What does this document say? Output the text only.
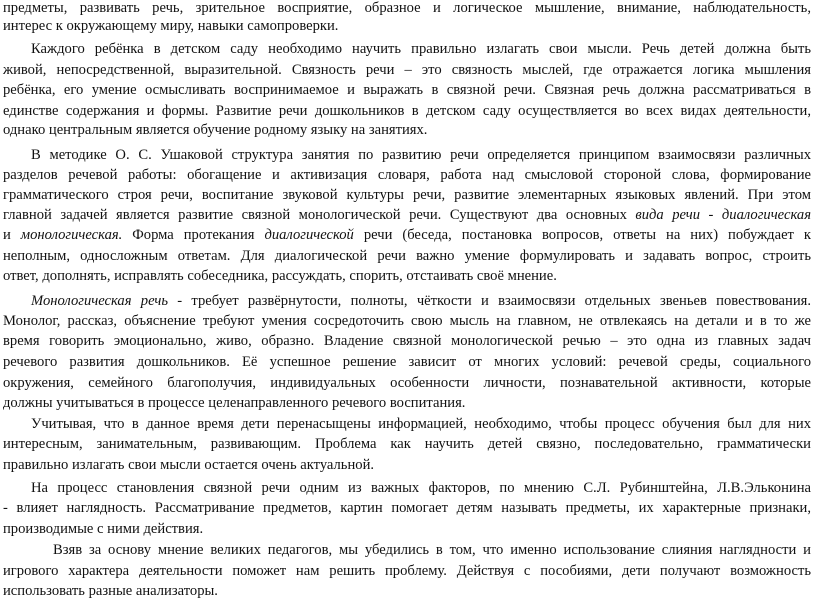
предметы, развивать речь, зрительное восприятие, образное и логическое мышление, внимание, наблюдательность,
интерес к окружающему миру, навыки самопроверки.
Каждого ребёнка в детском саду необходимо научить правильно излагать свои мысли. Речь детей должна быть
живой, непосредственной, выразительной. Связность речи – это связность мыслей, где отражается логика мышления
ребёнка, его умение осмысливать воспринимаемое и выражать в связной речи. Связная речь должна рассматриваться в
единстве содержания и формы. Развитие речи дошкольников в детском саду осуществляется во всех видах деятельности,
однако центральным является обучение родному языку на занятиях.
В методике О. С. Ушаковой структура занятия по развитию речи определяется принципом взаимосвязи различных
разделов речевой работы: обогащение и активизация словаря, работа над смысловой стороной слова, формирование
грамматического строя речи, воспитание звуковой культуры речи, развитие элементарных языковых явлений. При этом
главной задачей является развитие связной монологической речи. Существуют два основных вида речи - диалогическая
и монологическая. Форма протекания диалогической речи (беседа, постановка вопросов, ответы на них) побуждает к
неполным, односложным ответам. Для диалогической речи важно умение формулировать и задавать вопрос, строить
ответ, дополнять, исправлять собеседника, рассуждать, спорить, отстаивать своё мнение.
Монологическая речь - требует развёрнутости, полноты, чёткости и взаимосвязи отдельных звеньев повествования.
Монолог, рассказ, объяснение требуют умения сосредоточить свою мысль на главном, не отвлекаясь на детали и в то же
время говорить эмоционально, живо, образно. Владение связной монологической речью – это одна из главных задач
речевого развития дошкольников. Её успешное решение зависит от многих условий: речевой среды, социального
окружения, семейного благополучия, индивидуальных особенности личности, познавательной активности, которые
должны учитываться в процессе целенаправленного речевого воспитания.
Учитывая, что в данное время дети перенасыщены информацией, необходимо, чтобы процесс обучения был для них
интересным, занимательным, развивающим. Проблема как научить детей связно, последовательно, грамматически
правильно излагать свои мысли остается очень актуальной.
На процесс становления связной речи одним из важных факторов, по мнению С.Л. Рубинштейна, Л.В.Эльконина
- влияет наглядность. Рассматривание предметов, картин помогает детям называть предметы, их характерные признаки,
производимые с ними действия.
Взяв за основу мнение великих педагогов, мы убедились в том, что именно использование слияния наглядности и
игрового характера деятельности поможет нам решить проблему. Действуя с пособиями, дети получают возможность
использовать разные анализаторы.
